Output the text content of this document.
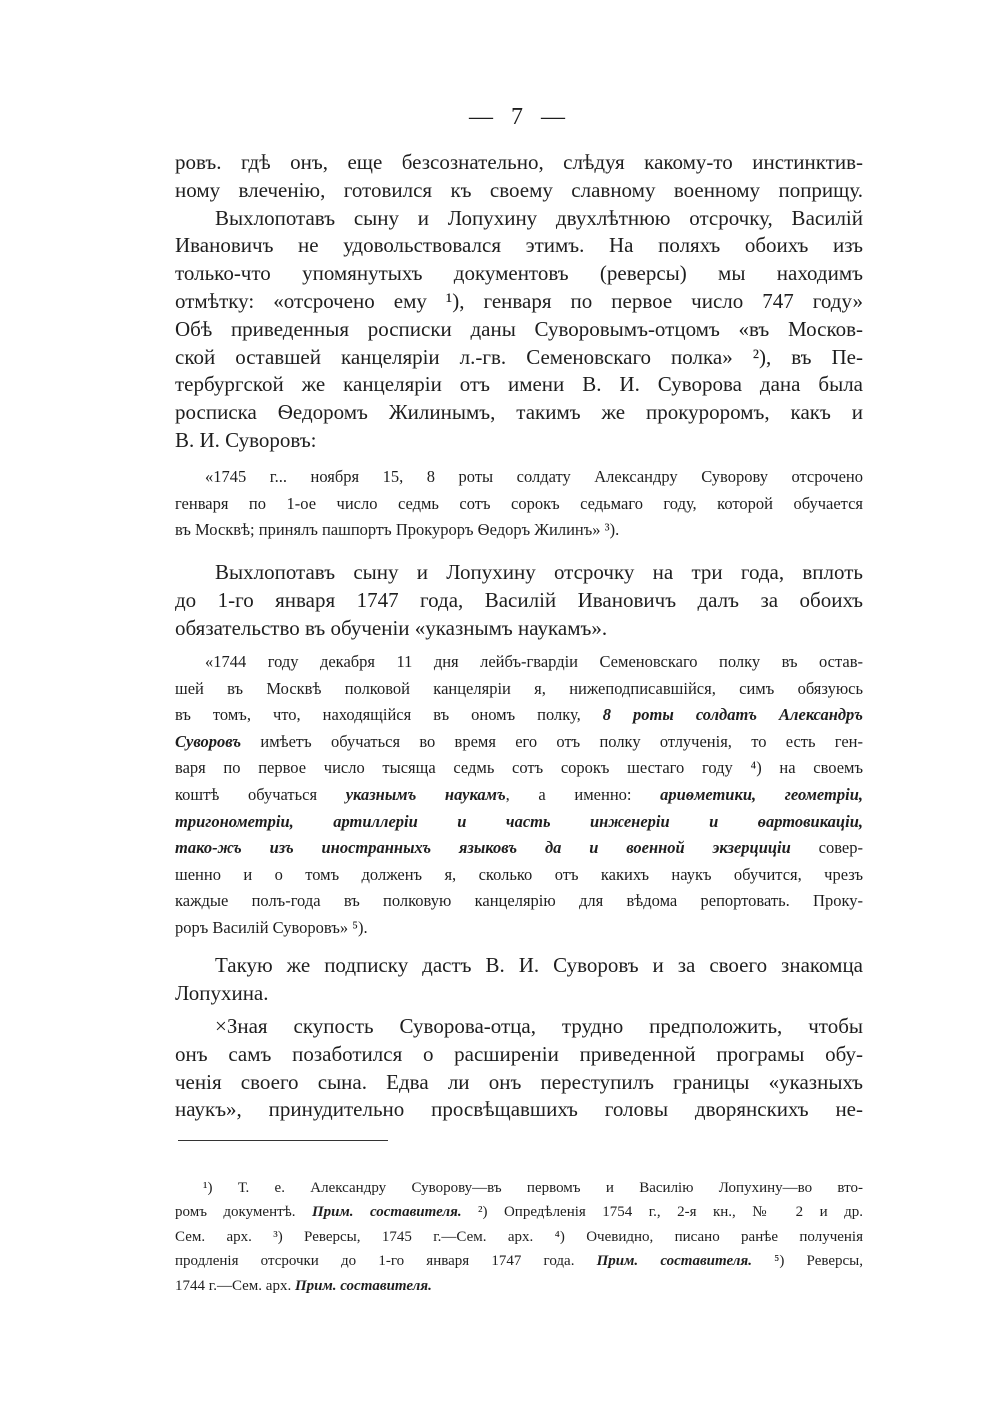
— 7 —
ровъ. гдѣ онъ, еще безсознательно, слѣдуя какому-то инстинктив-
ному влеченію, готовился къ своему славному военному поприщу.
Выхлопотавъ сыну и Лопухину двухлѣтнюю отсрочку, Василій
Ивановичъ не удовольствовался этимъ. На поляхъ обоихъ изъ
только-что упомянутыхъ документовъ (реверсы) мы находимъ
отмѣтку: «отсрочено ему ¹), генваря по первое число 747 году»
Обѣ приведенныя росписки даны Суворовымъ-отцомъ «въ Москов-
ской оставшей канцеляріи л.-гв. Семеновскаго полка» ²), въ Пе-
тербургской же канцеляріи отъ имени В. И. Суворова дана была
росписка Ѳедоромъ Жилинымъ, такимъ же прокуроромъ, какъ и
В. И. Суворовъ:
«1745 г... ноября 15, 8 роты солдату Александру Суворову отсрочено
генваря по 1-ое число седмь сотъ сорокъ седьмаго году, которой обучается
въ Москвѣ; принялъ пашпортъ Прокуроръ Ѳедоръ Жилинъ» ³).
Выхлопотавъ сыну и Лопухину отсрочку на три года, вплоть
до 1-го января 1747 года, Василій Ивановичъ далъ за обоихъ
обязательство въ обученіи «указнымъ наукамъ».
«1744 году декабря 11 дня лейбъ-гвардіи Семеновскаго полку въ остав-
шей въ Москвѣ полковой канцеляріи я, нижеподписавшійся, симъ обязуюсь
въ томъ, что, находящійся въ ономъ полку, 8 роты солдатъ Александръ
Суворовъ имѣетъ обучаться во время его отъ полку отлученія, то есть ген-
варя по первое число тысяща седмь сотъ сорокъ шестаго году ⁴) на своемъ
коштѣ обучаться указнымъ наукамъ, а именно: ариѳметики, геометріи,
тригонометріи, артиллеріи и часть инженеріи и ѳартовикаціи,
тако-жъ изъ иностранныхъ языковъ да и военной экзерциціи совер-
шенно и о томъ долженъ я, сколько отъ какихъ наукъ обучится, чрезъ
каждые полъ-года въ полковую канцелярію для вѣдома репортовать. Проку-
роръ Василій Суворовъ» ⁵).
Такую же подписку дастъ В. И. Суворовъ и за своего знакомца
Лопухина.
×Зная скупость Суворова-отца, трудно предположить, чтобы
онъ самъ позаботился о расширеніи приведенной програмы обу-
ченія своего сына. Едва ли онъ переступилъ границы «указныхъ
наукъ», принудительно просвѣщавшихъ головы дворянскихъ не-
¹) Т. е. Александру Суворову—въ первомъ и Василію Лопухину—во вто-
ромъ документѣ. Прим. составителя. ²) Опредѣленія 1754 г., 2-я кн., № 2 и др.
Сем. арх. ³) Реверсы, 1745 г.—Сем. арх. ⁴) Очевидно, писано ранѣе полученія
продленія отсрочки до 1-го января 1747 года. Прим. составителя. ⁵) Реверсы,
1744 г.—Сем. арх. Прим. составителя.
